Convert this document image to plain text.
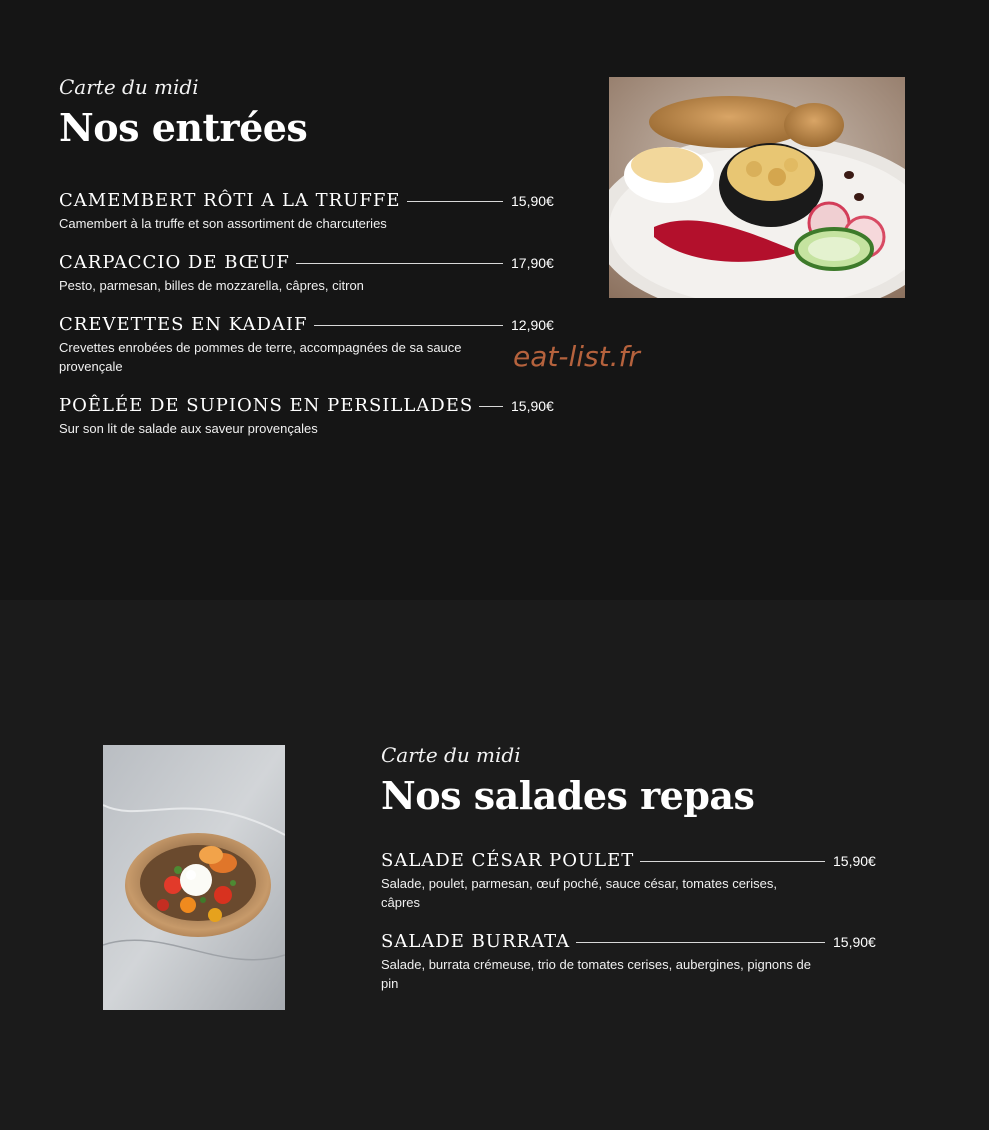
Carte du midi

Nos entrées
CAMEMBERT RÔTI A LA TRUFFE	15,90€
Camembert à la truffe et son assortiment de charcuteries
CARPACCIO DE BŒUF	17,90€
Pesto, parmesan, billes de mozzarella, câpres, citron
CREVETTES EN KADAIF	12,90€
Crevettes enrobées de pommes de terre, accompagnées de sa sauce provençale
POÊLÉE DE SUPIONS EN PERSILLADES	15,90€
Sur son lit de salade aux saveur provençales
eat-list.fr

Carte du midi

Nos salades repas
SALADE CÉSAR POULET	15,90€
Salade, poulet, parmesan, œuf poché, sauce césar, tomates cerises, câpres
SALADE BURRATA	15,90€
Salade, burrata crémeuse, trio de tomates cerises, aubergines, pignons de pin
